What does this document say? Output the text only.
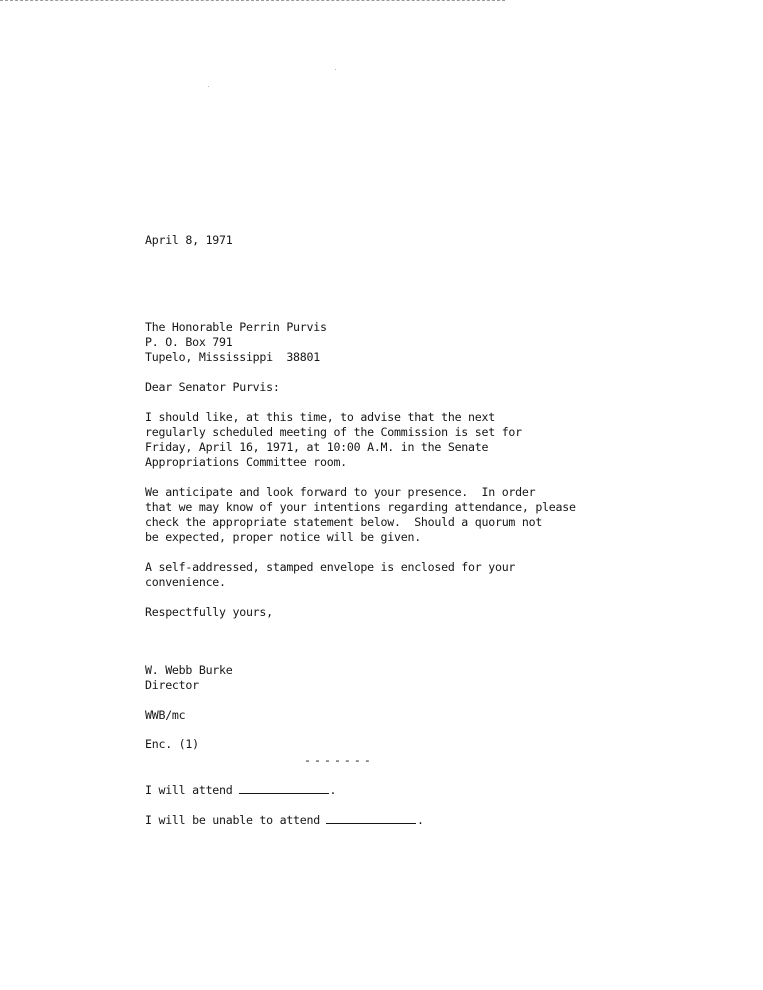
April 8, 1971
The Honorable Perrin Purvis
P. O. Box 791
Tupelo, Mississippi  38801
Dear Senator Purvis:
I should like, at this time, to advise that the next
regularly scheduled meeting of the Commission is set for
Friday, April 16, 1971, at 10:00 A.M. in the Senate
Appropriations Committee room.
We anticipate and look forward to your presence.  In order
that we may know of your intentions regarding attendance, please
check the appropriate statement below.  Should a quorum not
be expected, proper notice will be given.
A self-addressed, stamped envelope is enclosed for your
convenience.
Respectfully yours,
W. Webb Burke
Director
WWB/mc
Enc. (1)
I will attend	.
I will be unable to attend	.
-------
